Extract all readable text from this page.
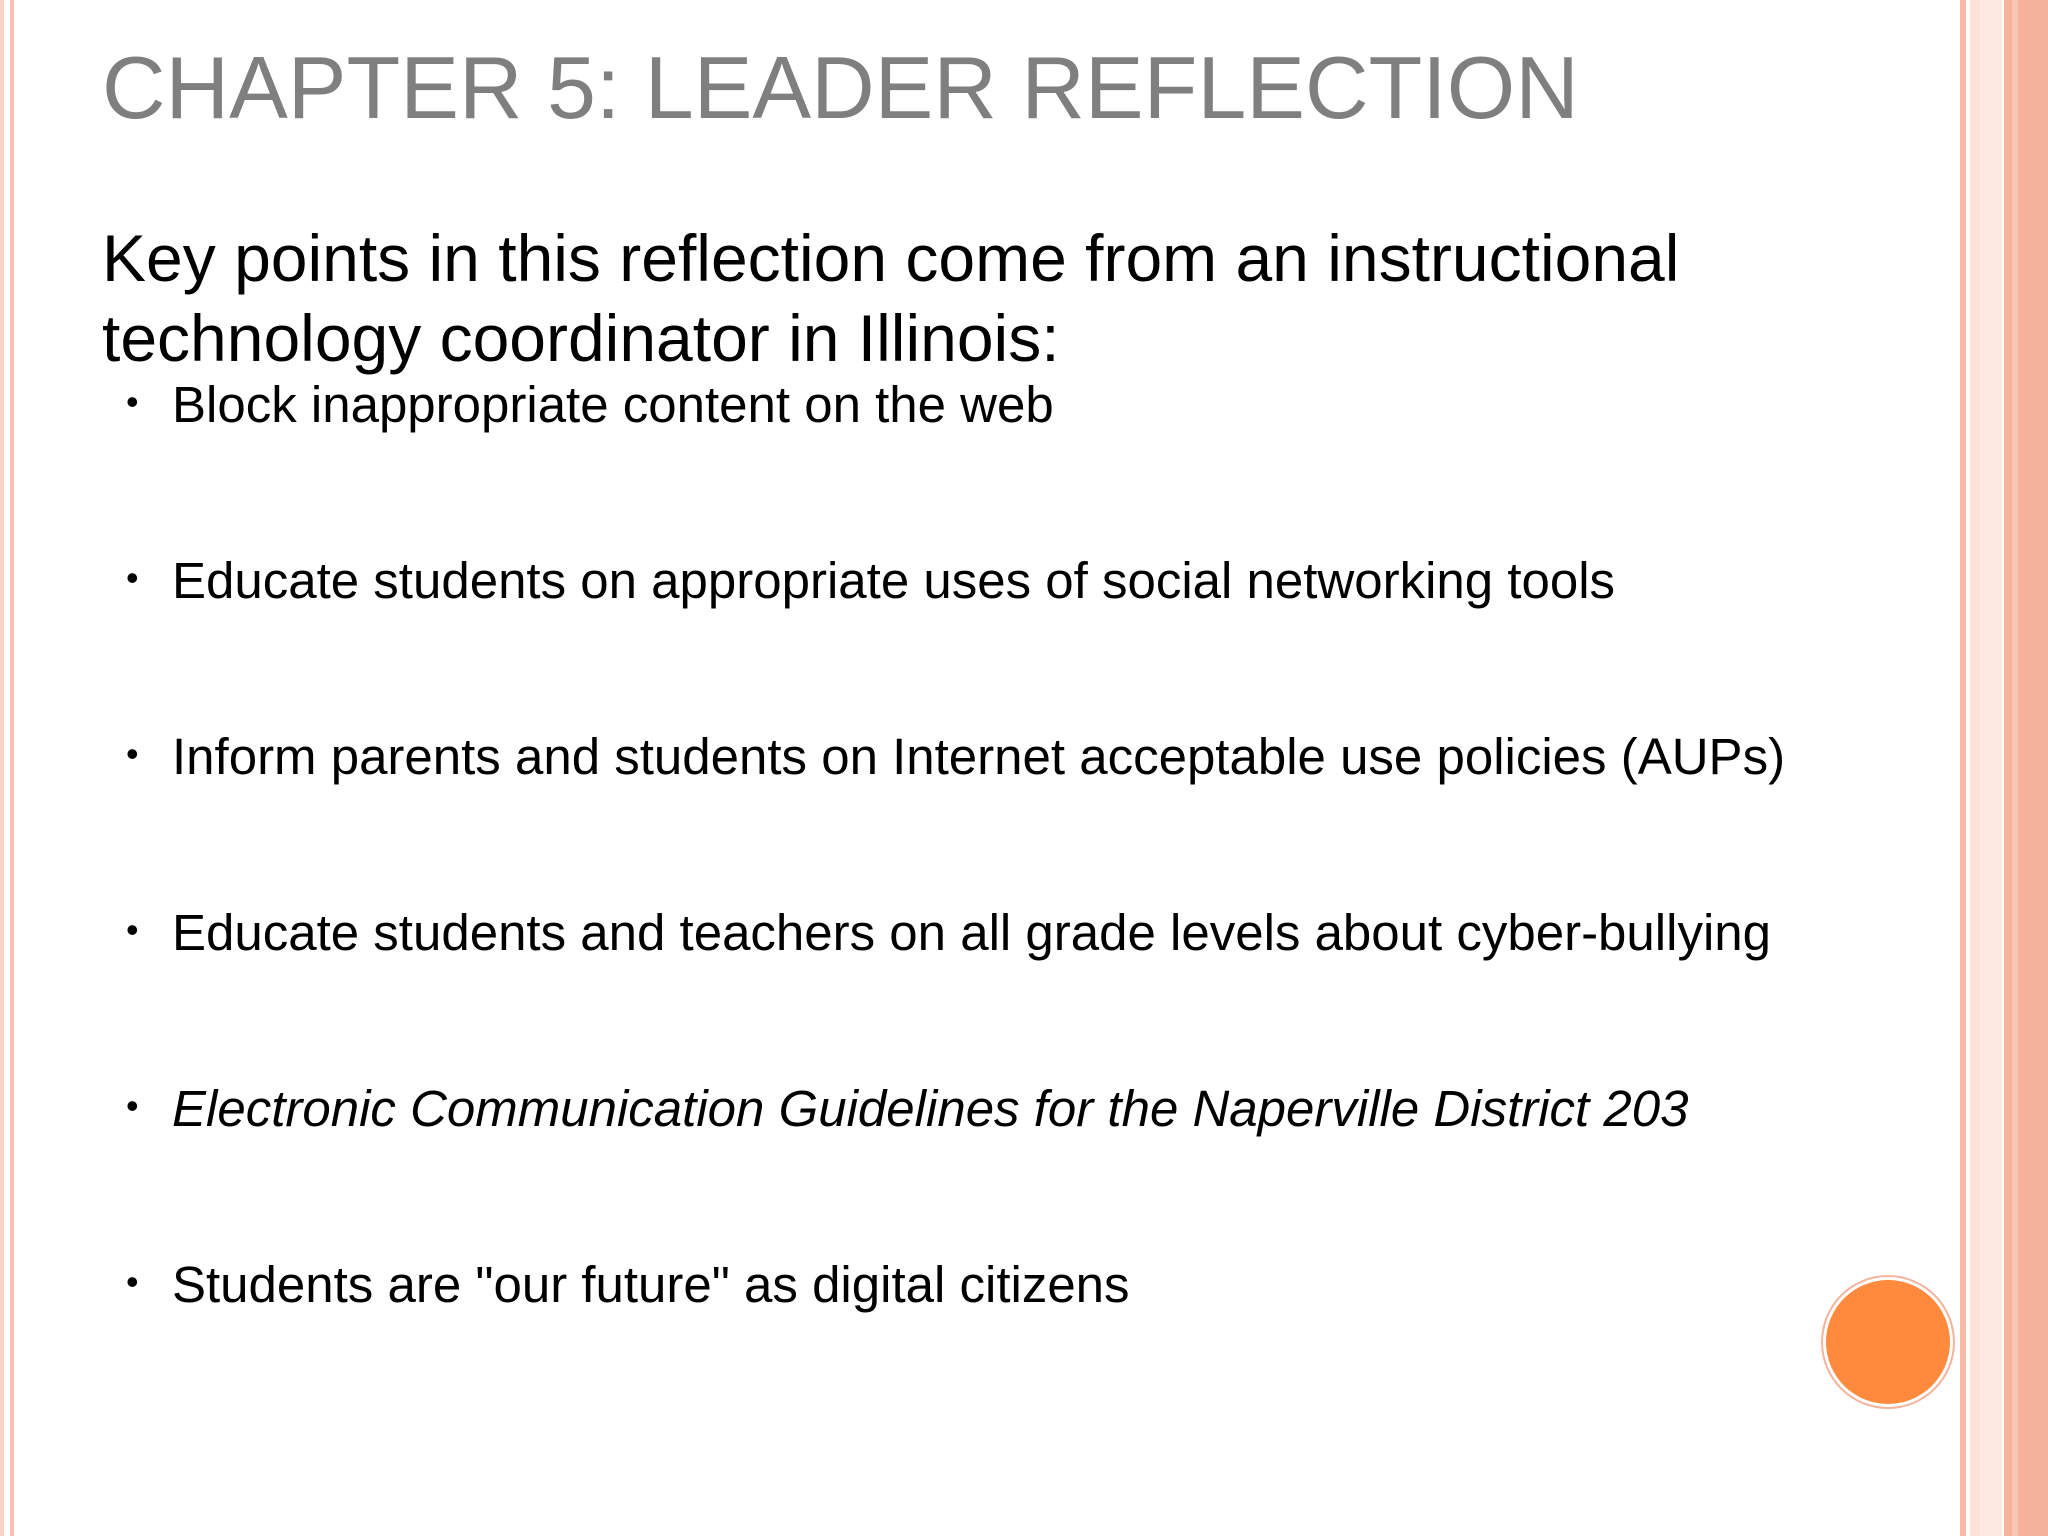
CHAPTER 5: LEADER REFLECTION
Key points in this reflection come from an instructional technology coordinator in Illinois:
• Block inappropriate content on the web
• Educate students on appropriate uses of social networking tools
• Inform parents and students on Internet acceptable use policies (AUPs)
• Educate students and teachers on all grade levels about cyber-bullying
• Electronic Communication Guidelines for the Naperville District 203
• Students are "our future" as digital citizens
